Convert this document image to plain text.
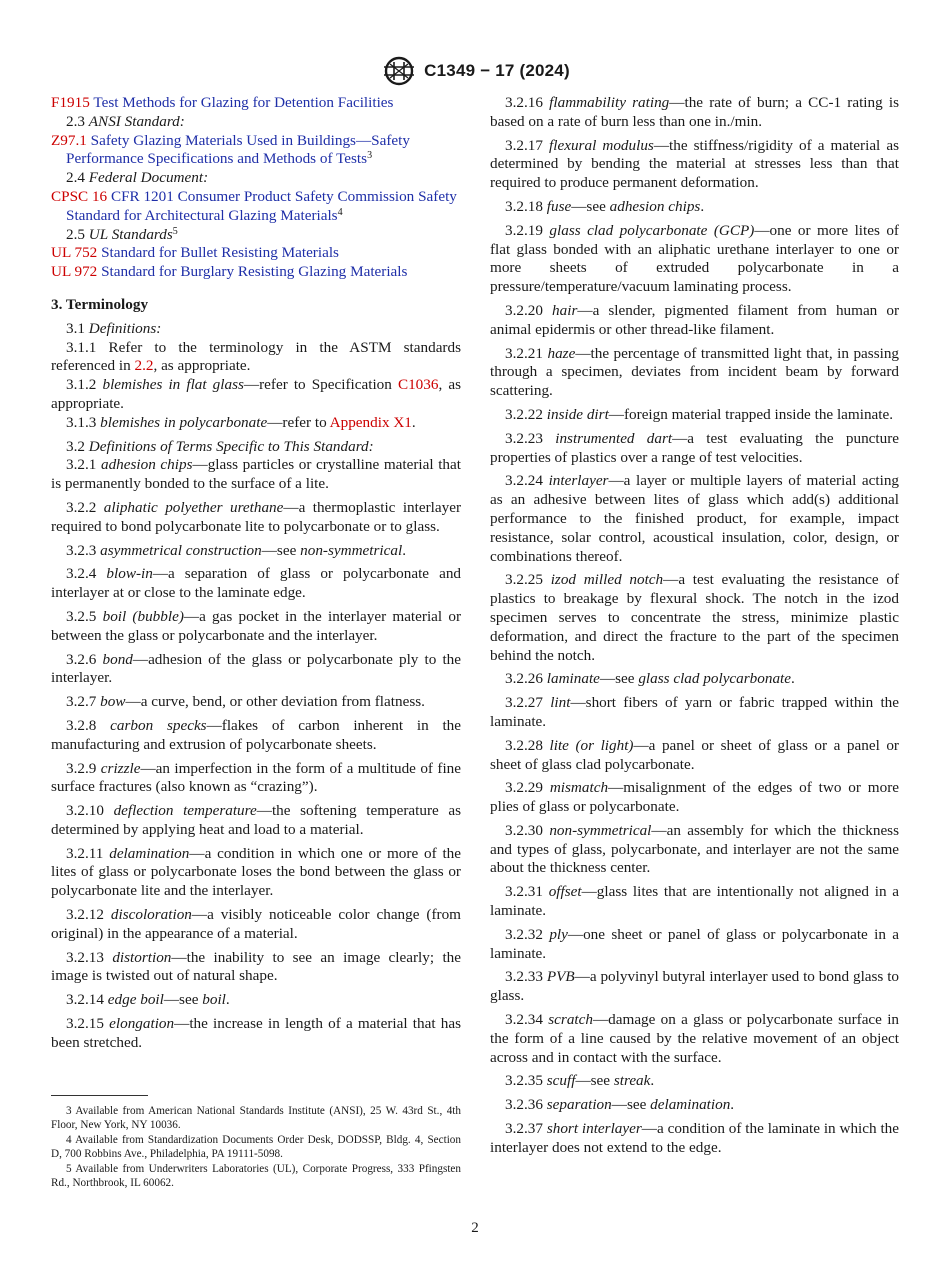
C1349 − 17 (2024)

F1915 Test Methods for Glazing for Detention Facilities

2.3 ANSI Standard:

Z97.1 Safety Glazing Materials Used in Buildings—Safety Performance Specifications and Methods of Tests$^3$

2.4 Federal Document:

CPSC 16 CFR 1201 Consumer Product Safety Commission Safety Standard for Architectural Glazing Materials$^4$

2.5 UL Standards$^5$

UL 752 Standard for Bullet Resisting Materials

UL 972 Standard for Burglary Resisting Glazing Materials

3. Terminology

3.1 Definitions:

3.1.1 Refer to the terminology in the ASTM standards referenced in 2.2, as appropriate.

3.1.2 blemishes in flat glass—refer to Specification C1036, as appropriate.

3.1.3 blemishes in polycarbonate—refer to Appendix X1.

3.2 Definitions of Terms Specific to This Standard:

3.2.1 adhesion chips—glass particles or crystalline material that is permanently bonded to the surface of a lite.

3.2.2 aliphatic polyether urethane—a thermoplastic interlayer required to bond polycarbonate lite to polycarbonate or to glass.

3.2.3 asymmetrical construction—see non-symmetrical.

3.2.4 blow-in—a separation of glass or polycarbonate and interlayer at or close to the laminate edge.

3.2.5 boil (bubble)—a gas pocket in the interlayer material or between the glass or polycarbonate and the interlayer.

3.2.6 bond—adhesion of the glass or polycarbonate ply to the interlayer.

3.2.7 bow—a curve, bend, or other deviation from flatness.

3.2.8 carbon specks—flakes of carbon inherent in the manufacturing and extrusion of polycarbonate sheets.

3.2.9 crizzle—an imperfection in the form of a multitude of fine surface fractures (also known as “crazing”).

3.2.10 deflection temperature—the softening temperature as determined by applying heat and load to a material.

3.2.11 delamination—a condition in which one or more of the lites of glass or polycarbonate loses the bond between the glass or polycarbonate lite and the interlayer.

3.2.12 discoloration—a visibly noticeable color change (from original) in the appearance of a material.

3.2.13 distortion—the inability to see an image clearly; the image is twisted out of natural shape.

3.2.14 edge boil—see boil.

3.2.15 elongation—the increase in length of a material that has been stretched.

3.2.16 flammability rating—the rate of burn; a CC-1 rating is based on a rate of burn less than one in./min.

3.2.17 flexural modulus—the stiffness/rigidity of a material as determined by bending the material at stresses less than that required to produce permanent deformation.

3.2.18 fuse—see adhesion chips.

3.2.19 glass clad polycarbonate (GCP)—one or more lites of flat glass bonded with an aliphatic urethane interlayer to one or more sheets of extruded polycarbonate in a pressure/temperature/vacuum laminating process.

3.2.20 hair—a slender, pigmented filament from human or animal epidermis or other thread-like filament.

3.2.21 haze—the percentage of transmitted light that, in passing through a specimen, deviates from incident beam by forward scattering.

3.2.22 inside dirt—foreign material trapped inside the laminate.

3.2.23 instrumented dart—a test evaluating the puncture properties of plastics over a range of test velocities.

3.2.24 interlayer—a layer or multiple layers of material acting as an adhesive between lites of glass which add(s) additional performance to the finished product, for example, impact resistance, solar control, acoustical insulation, color, design, or combinations thereof.

3.2.25 izod milled notch—a test evaluating the resistance of plastics to breakage by flexural shock. The notch in the izod specimen serves to concentrate the stress, minimize plastic deformation, and direct the fracture to the part of the specimen behind the notch.

3.2.26 laminate—see glass clad polycarbonate.

3.2.27 lint—short fibers of yarn or fabric trapped within the laminate.

3.2.28 lite (or light)—a panel or sheet of glass or a panel or sheet of glass clad polycarbonate.

3.2.29 mismatch—misalignment of the edges of two or more plies of glass or polycarbonate.

3.2.30 non-symmetrical—an assembly for which the thickness and types of glass, polycarbonate, and interlayer are not the same about the thickness center.

3.2.31 offset—glass lites that are intentionally not aligned in a laminate.

3.2.32 ply—one sheet or panel of glass or polycarbonate in a laminate.

3.2.33 PVB—a polyvinyl butyral interlayer used to bond glass to glass.

3.2.34 scratch—damage on a glass or polycarbonate surface in the form of a line caused by the relative movement of an object across and in contact with the surface.

3.2.35 scuff—see streak.

3.2.36 separation—see delamination.

3.2.37 short interlayer—a condition of the laminate in which the interlayer does not extend to the edge.

3 Available from American National Standards Institute (ANSI), 25 W. 43rd St., 4th Floor, New York, NY 10036.

4 Available from Standardization Documents Order Desk, DODSSP, Bldg. 4, Section D, 700 Robbins Ave., Philadelphia, PA 19111-5098.

5 Available from Underwriters Laboratories (UL), Corporate Progress, 333 Pfingsten Rd., Northbrook, IL 60062.

2
